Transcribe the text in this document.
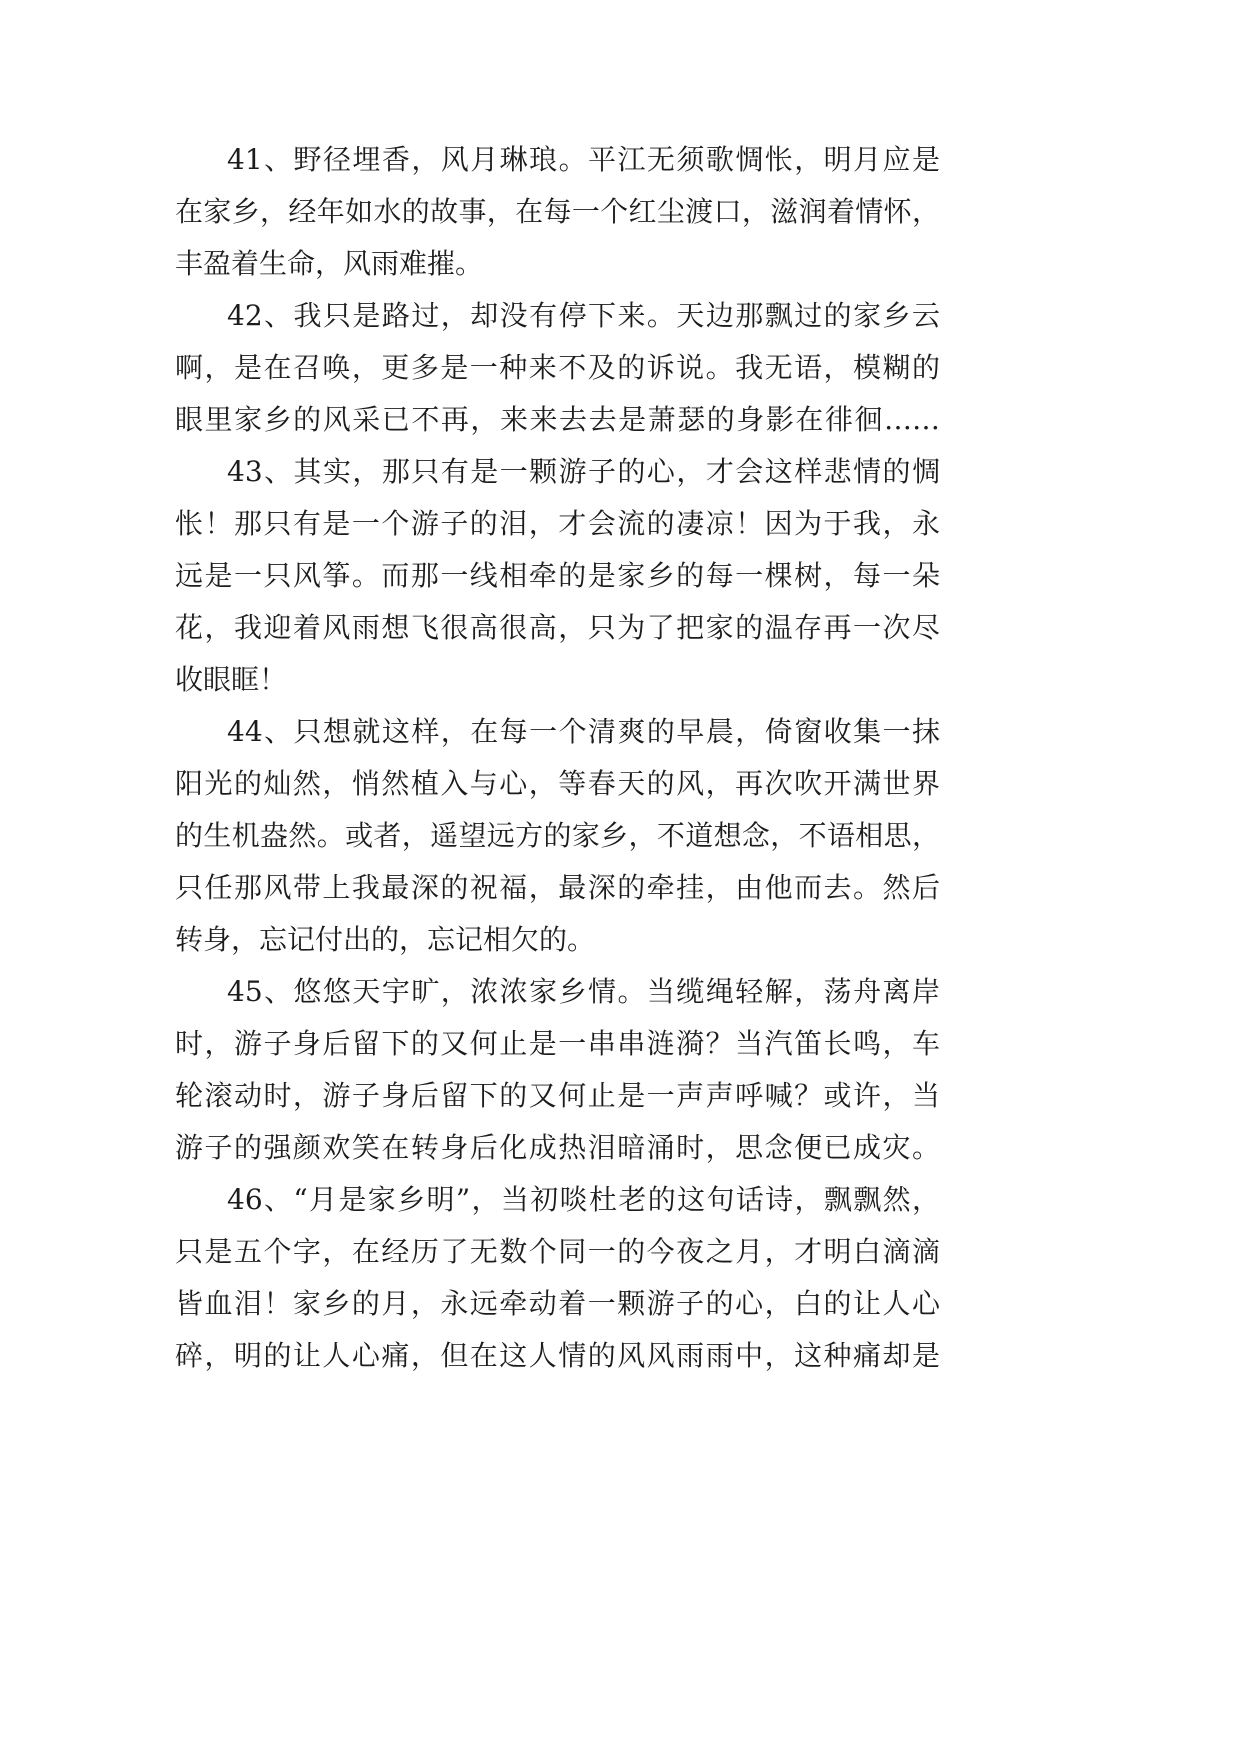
41、野径埋香，风月琳琅。平江无须歌惆怅，明月应是
在家乡，经年如水的故事，在每一个红尘渡口，滋润着情怀，
丰盈着生命，风雨难摧。
42、我只是路过，却没有停下来。天边那飘过的家乡云
啊，是在召唤，更多是一种来不及的诉说。我无语，模糊的
眼里家乡的风采已不再，来来去去是萧瑟的身影在徘徊……
43、其实，那只有是一颗游子的心，才会这样悲情的惆
怅！那只有是一个游子的泪，才会流的凄凉！因为于我，永
远是一只风筝。而那一线相牵的是家乡的每一棵树，每一朵
花，我迎着风雨想飞很高很高，只为了把家的温存再一次尽
收眼眶！
44、只想就这样，在每一个清爽的早晨，倚窗收集一抹
阳光的灿然，悄然植入与心，等春天的风，再次吹开满世界
的生机盎然。或者，遥望远方的家乡，不道想念，不语相思，
只任那风带上我最深的祝福，最深的牵挂，由他而去。然后
转身，忘记付出的，忘记相欠的。
45、悠悠天宇旷，浓浓家乡情。当缆绳轻解，荡舟离岸
时，游子身后留下的又何止是一串串涟漪？当汽笛长鸣，车
轮滚动时，游子身后留下的又何止是一声声呼喊？或许，当
游子的强颜欢笑在转身后化成热泪暗涌时，思念便已成灾。
46、“月是家乡明”，当初啖杜老的这句话诗，飘飘然，
只是五个字，在经历了无数个同一的今夜之月，才明白滴滴
皆血泪！家乡的月，永远牵动着一颗游子的心，白的让人心
碎，明的让人心痛，但在这人情的风风雨雨中，这种痛却是
